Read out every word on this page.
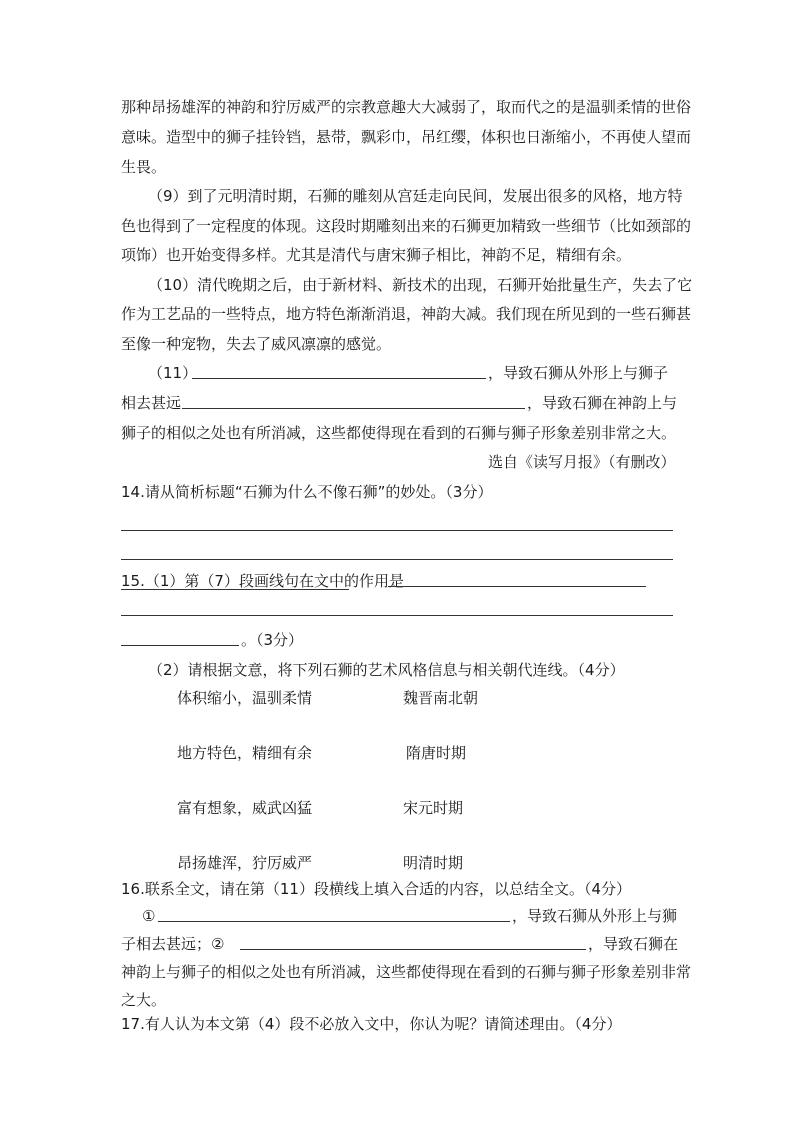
那种昂扬雄浑的神韵和狞厉威严的宗教意趣大大减弱了，取而代之的是温驯柔情的世俗
意味。造型中的狮子挂铃铛，悬带，飘彩巾，吊红缨，体积也日渐缩小，不再使人望而
生畏。
（9）到了元明清时期，石狮的雕刻从宫廷走向民间，发展出很多的风格，地方特
色也得到了一定程度的体现。这段时期雕刻出来的石狮更加精致一些细节（比如颈部的
项饰）也开始变得多样。尤其是清代与唐宋狮子相比，神韵不足，精细有余。
（10）清代晚期之后，由于新材料、新技术的出现，石狮开始批量生产，失去了它
作为工艺品的一些特点，地方特色渐渐消退，神韵大减。我们现在所见到的一些石狮甚
至像一种宠物，失去了威风凛凛的感觉。
（11）	，导致石狮从外形上与狮子
相去甚远	，导致石狮在神韵上与
狮子的相似之处也有所消减，这些都使得现在看到的石狮与狮子形象差别非常之大。
选自《读写月报》（有删改）
14.请从简析标题“石狮为什么不像石狮”的妙处。（3分）
15.（1）第（7）段画线句在文中的作用是
。（3分）
（2）请根据文意，将下列石狮的艺术风格信息与相关朝代连线。（4分）
体积缩小，温驯柔情	魏晋南北朝
地方特色，精细有余	隋唐时期
富有想象，威武凶猛	宋元时期
昂扬雄浑，狞厉威严	明清时期
16.联系全文，请在第（11）段横线上填入合适的内容，以总结全文。（4分）
①	，导致石狮从外形上与狮
子相去甚远；②	，导致石狮在
神韵上与狮子的相似之处也有所消减，这些都使得现在看到的石狮与狮子形象差别非常
之大。
17.有人认为本文第（4）段不必放入文中，你认为呢？请简述理由。（4分）
